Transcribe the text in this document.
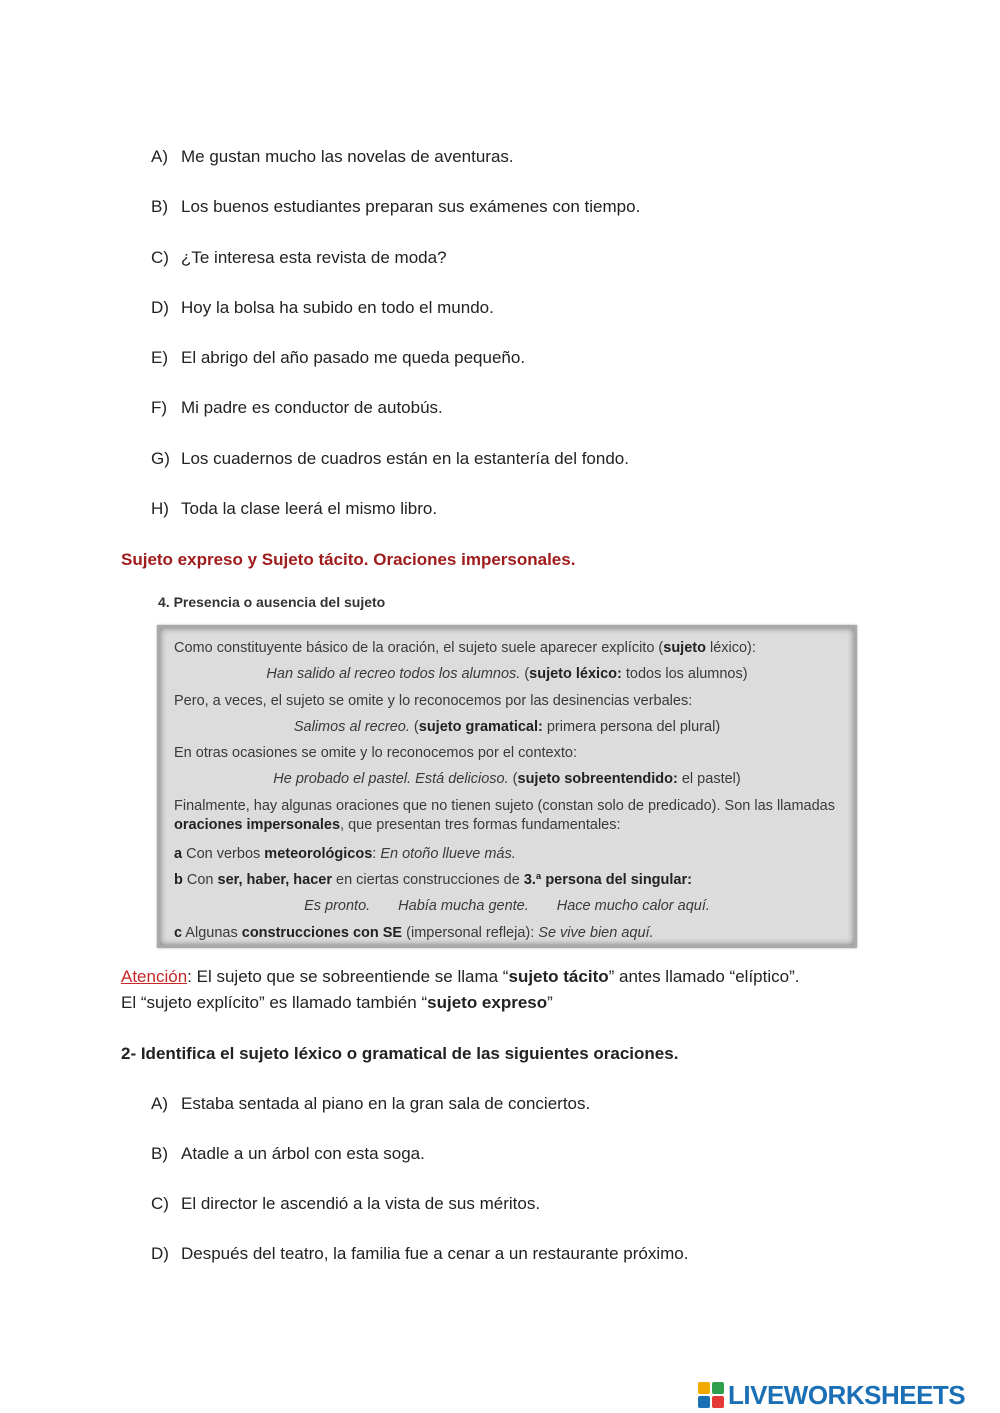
A) Me gustan mucho las novelas de aventuras.
B) Los buenos estudiantes preparan sus exámenes con tiempo.
C) ¿Te interesa esta revista de moda?
D) Hoy la bolsa ha subido en todo el mundo.
E) El abrigo del año pasado me queda pequeño.
F) Mi padre es conductor de autobús.
G) Los cuadernos de cuadros están en la estantería del fondo.
H) Toda la clase leerá el mismo libro.
Sujeto expreso y Sujeto tácito. Oraciones impersonales.
4. Presencia o ausencia del sujeto
Como constituyente básico de la oración, el sujeto suele aparecer explícito (sujeto léxico):
Han salido al recreo todos los alumnos. (sujeto léxico: todos los alumnos)
Pero, a veces, el sujeto se omite y lo reconocemos por las desinencias verbales:
Salimos al recreo. (sujeto gramatical: primera persona del plural)
En otras ocasiones se omite y lo reconocemos por el contexto:
He probado el pastel. Está delicioso. (sujeto sobreentendido: el pastel)
Finalmente, hay algunas oraciones que no tienen sujeto (constan solo de predicado). Son las llamadas
oraciones impersonales, que presentan tres formas fundamentales:
a Con verbos meteorológicos: En otoño llueve más.
b Con ser, haber, hacer en ciertas construcciones de 3.ª persona del singular:
Es pronto. Había mucha gente. Hace mucho calor aquí.
c Algunas construcciones con SE (impersonal refleja): Se vive bien aquí.
Atención: El sujeto que se sobreentiende se llama “sujeto tácito” antes llamado “elíptico”.
El “sujeto explícito” es llamado también “sujeto expreso”
2- Identifica el sujeto léxico o gramatical de las siguientes oraciones.
A) Estaba sentada al piano en la gran sala de conciertos.
B) Atadle a un árbol con esta soga.
C) El director le ascendió a la vista de sus méritos.
D) Después del teatro, la familia fue a cenar a un restaurante próximo.
LIVEWORKSHEETS
